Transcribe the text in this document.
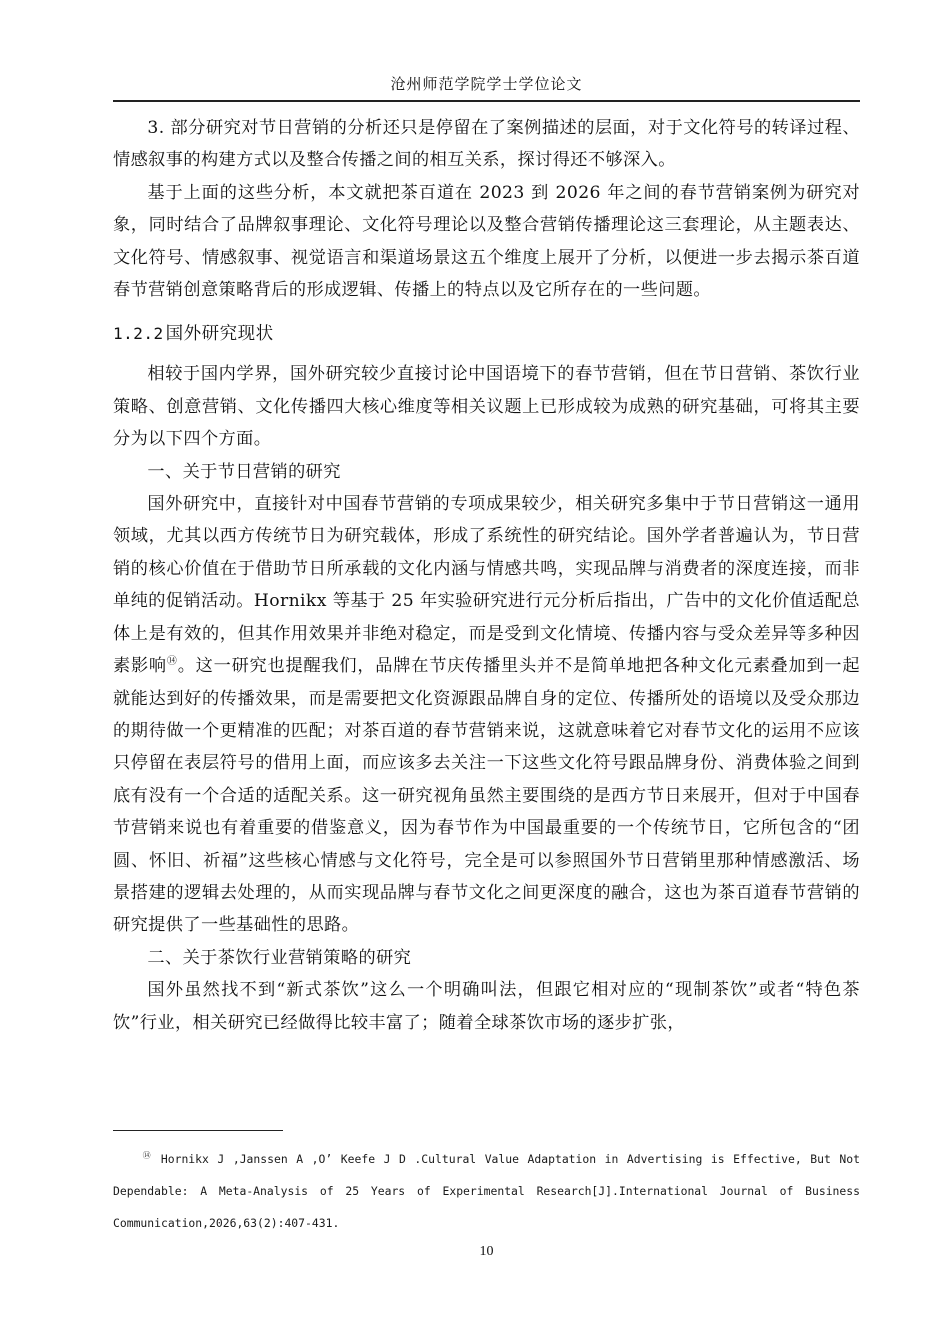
沧州师范学院学士学位论文

3. 部分研究对节日营销的分析还只是停留在了案例描述的层面，对于文化符号的转译过程、情感叙事的构建方式以及整合传播之间的相互关系，探讨得还不够深入。

基于上面的这些分析，本文就把茶百道在 2023 到 2026 年之间的春节营销案例为研究对象，同时结合了品牌叙事理论、文化符号理论以及整合营销传播理论这三套理论，从主题表达、文化符号、情感叙事、视觉语言和渠道场景这五个维度上展开了分析，以便进一步去揭示茶百道春节营销创意策略背后的形成逻辑、传播上的特点以及它所存在的一些问题。

1.2.2 国外研究现状

相较于国内学界，国外研究较少直接讨论中国语境下的春节营销，但在节日营销、茶饮行业策略、创意营销、文化传播四大核心维度等相关议题上已形成较为成熟的研究基础，可将其主要分为以下四个方面。

一、关于节日营销的研究

国外研究中，直接针对中国春节营销的专项成果较少，相关研究多集中于节日营销这一通用领域，尤其以西方传统节日为研究载体，形成了系统性的研究结论。国外学者普遍认为，节日营销的核心价值在于借助节日所承载的文化内涵与情感共鸣，实现品牌与消费者的深度连接，而非单纯的促销活动。Hornikx 等基于 25 年实验研究进行元分析后指出，广告中的文化价值适配总体上是有效的，但其作用效果并非绝对稳定，而是受到文化情境、传播内容与受众差异等多种因素影响⑭。这一研究也提醒我们，品牌在节庆传播里头并不是简单地把各种文化元素叠加到一起就能达到好的传播效果，而是需要把文化资源跟品牌自身的定位、传播所处的语境以及受众那边的期待做一个更精准的匹配；对茶百道的春节营销来说，这就意味着它对春节文化的运用不应该只停留在表层符号的借用上面，而应该多去关注一下这些文化符号跟品牌身份、消费体验之间到底有没有一个合适的适配关系。这一研究视角虽然主要围绕的是西方节日来展开，但对于中国春节营销来说也有着重要的借鉴意义，因为春节作为中国最重要的一个传统节日，它所包含的“团圆、怀旧、祈福”这些核心情感与文化符号，完全是可以参照国外节日营销里那种情感激活、场景搭建的逻辑去处理的，从而实现品牌与春节文化之间更深度的融合，这也为茶百道春节营销的研究提供了一些基础性的思路。

二、关于茶饮行业营销策略的研究

国外虽然找不到“新式茶饮”这么一个明确叫法，但跟它相对应的“现制茶饮”或者“特色茶饮”行业，相关研究已经做得比较丰富了；随着全球茶饮市场的逐步扩张，

⑭ Hornikx J ,Janssen A ,O’ Keefe J D .Cultural Value Adaptation in Advertising is Effective, But Not Dependable: A Meta-Analysis of 25 Years of Experimental Research[J].International Journal of Business Communication,2026,63(2):407-431.

10
